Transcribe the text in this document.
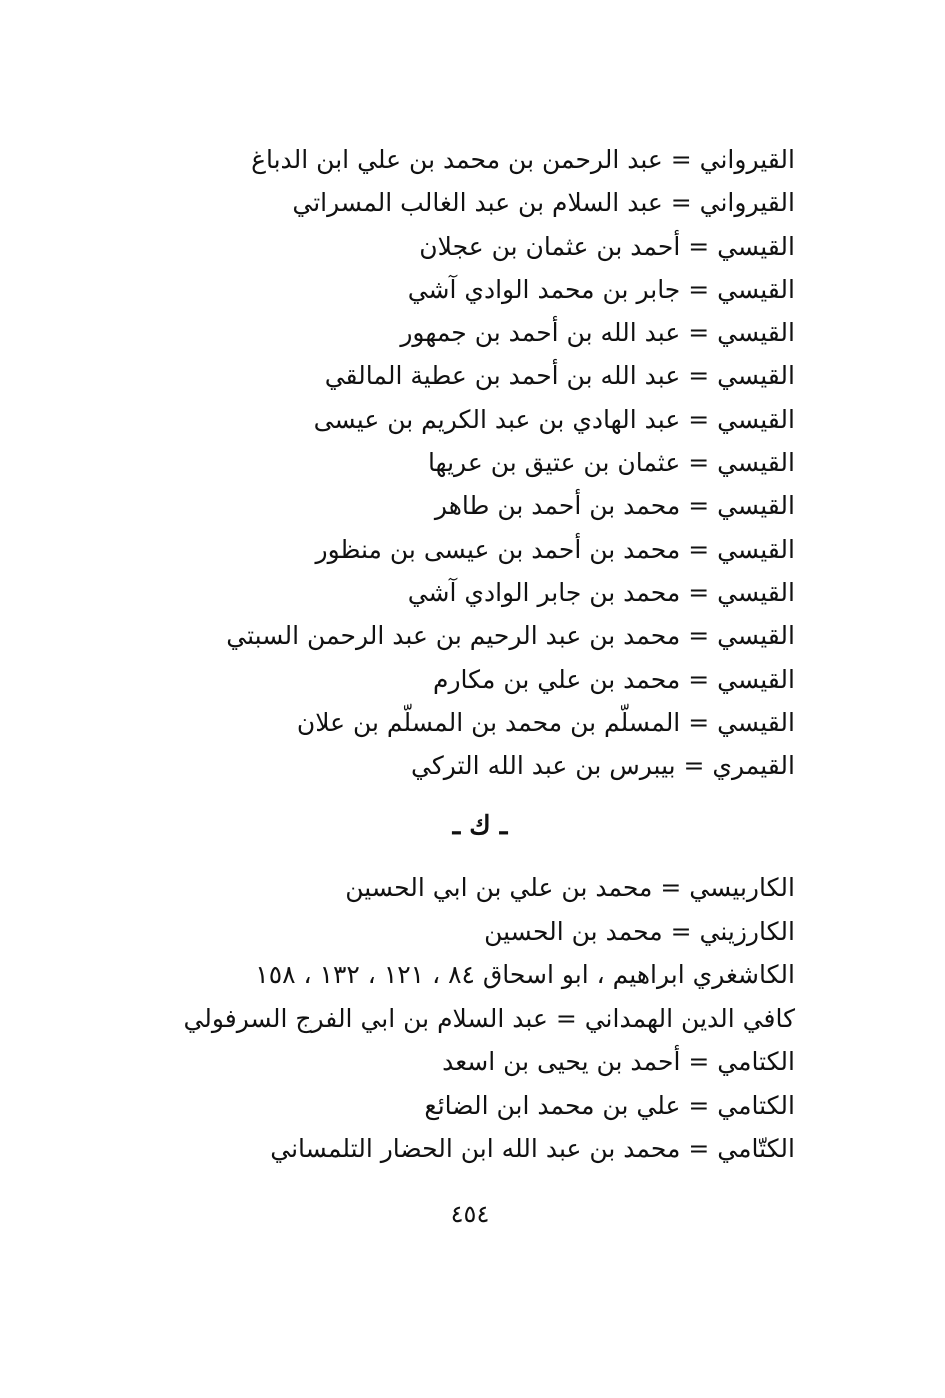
القيرواني = عبد الرحمن بن محمد بن علي ابن الدباغ
القيرواني = عبد السلام بن عبد الغالب المسراتي
القيسي = أحمد بن عثمان بن عجلان
القيسي = جابر بن محمد الوادي آشي
القيسي = عبد الله بن أحمد بن جمهور
القيسي = عبد الله بن أحمد بن عطية المالقي
القيسي = عبد الهادي بن عبد الكريم بن عيسى
القيسي = عثمان بن عتيق بن عريها
القيسي = محمد بن أحمد بن طاهر
القيسي = محمد بن أحمد بن عيسى بن منظور
القيسي = محمد بن جابر الوادي آشي
القيسي = محمد بن عبد الرحيم بن عبد الرحمن السبتي
القيسي = محمد بن علي بن مكارم
القيسي = المسلّم بن محمد بن المسلّم بن علان
القيمري = بيبرس بن عبد الله التركي
ـ ك ـ
الكاربيسي = محمد بن علي بن ابي الحسين
الكارزيني = محمد بن الحسين
الكاشغري ابراهيم ، ابو اسحاق ٨٤ ، ١٢١ ، ١٣٢ ، ١٥٨
كافي الدين الهمداني = عبد السلام بن ابي الفرج السرفولي
الكتامي = أحمد بن يحيى بن اسعد
الكتامي = علي بن محمد ابن الضائع
الكتّامي = محمد بن عبد الله ابن الحضار التلمساني
٤٥٤
